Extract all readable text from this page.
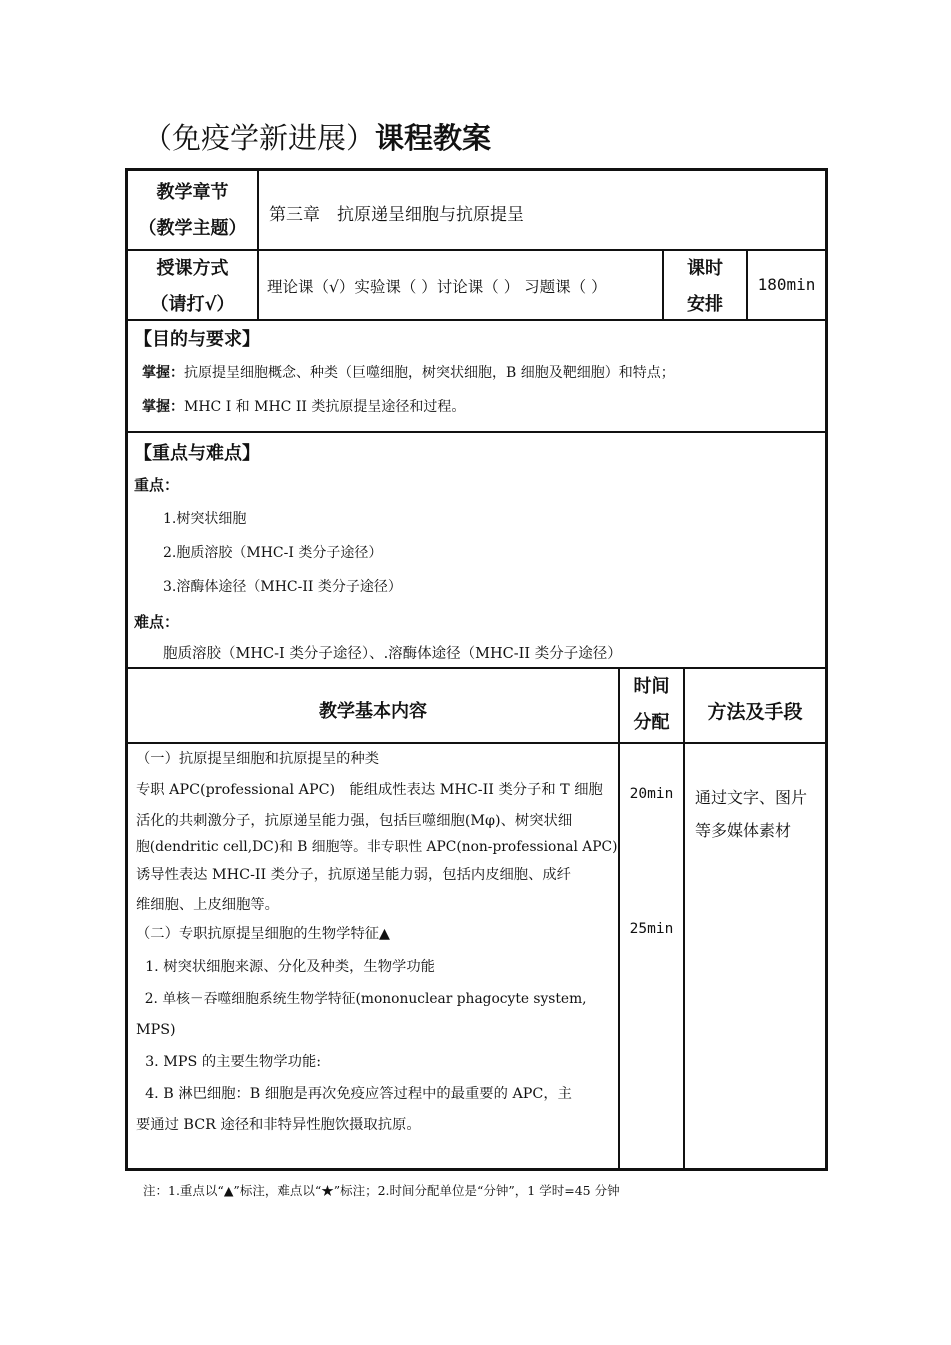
（免疫学新进展）课程教案
教学章节
（教学主题）
第三章　抗原递呈细胞与抗原提呈
授课方式
（请打√）
理论课（√）实验课（ ）讨论课（ ） 习题课（ ）
课时
安排
180min
【目的与要求】
掌握：抗原提呈细胞概念、种类（巨噬细胞，树突状细胞，B 细胞及靶细胞）和特点；
掌握：MHC I 和 MHC II 类抗原提呈途径和过程。
【重点与难点】
重点：
1.树突状细胞
2.胞质溶胶（MHC-I 类分子途径）
3.溶酶体途径（MHC-II 类分子途径）
难点：
胞质溶胶（MHC-I 类分子途径）、.溶酶体途径（MHC-II 类分子途径）
教学基本内容
时间
分配	方法及手段
（一）抗原提呈细胞和抗原提呈的种类
专职 APC(professional APC)　能组成性表达 MHC-II 类分子和 T 细胞
活化的共刺激分子，抗原递呈能力强，包括巨噬细胞(Mφ)、树突状细
胞(dendritic cell,DC)和 B 细胞等。非专职性 APC(non-professional APC)
诱导性表达 MHC-II 类分子，抗原递呈能力弱，包括内皮细胞、成纤
维细胞、上皮细胞等。
（二）专职抗原提呈细胞的生物学特征▲
1. 树突状细胞来源、分化及种类，生物学功能
2. 单核－吞噬细胞系统生物学特征(mononuclear phagocyte system,
MPS)
3. MPS 的主要生物学功能:
4. B 淋巴细胞：B 细胞是再次免疫应答过程中的最重要的 APC，主
要通过 BCR 途径和非特异性胞饮摄取抗原。
20min
25min
通过文字、图片
等多媒体素材
注：1.重点以“▲”标注，难点以“★”标注；2.时间分配单位是“分钟”，1 学时=45 分钟
